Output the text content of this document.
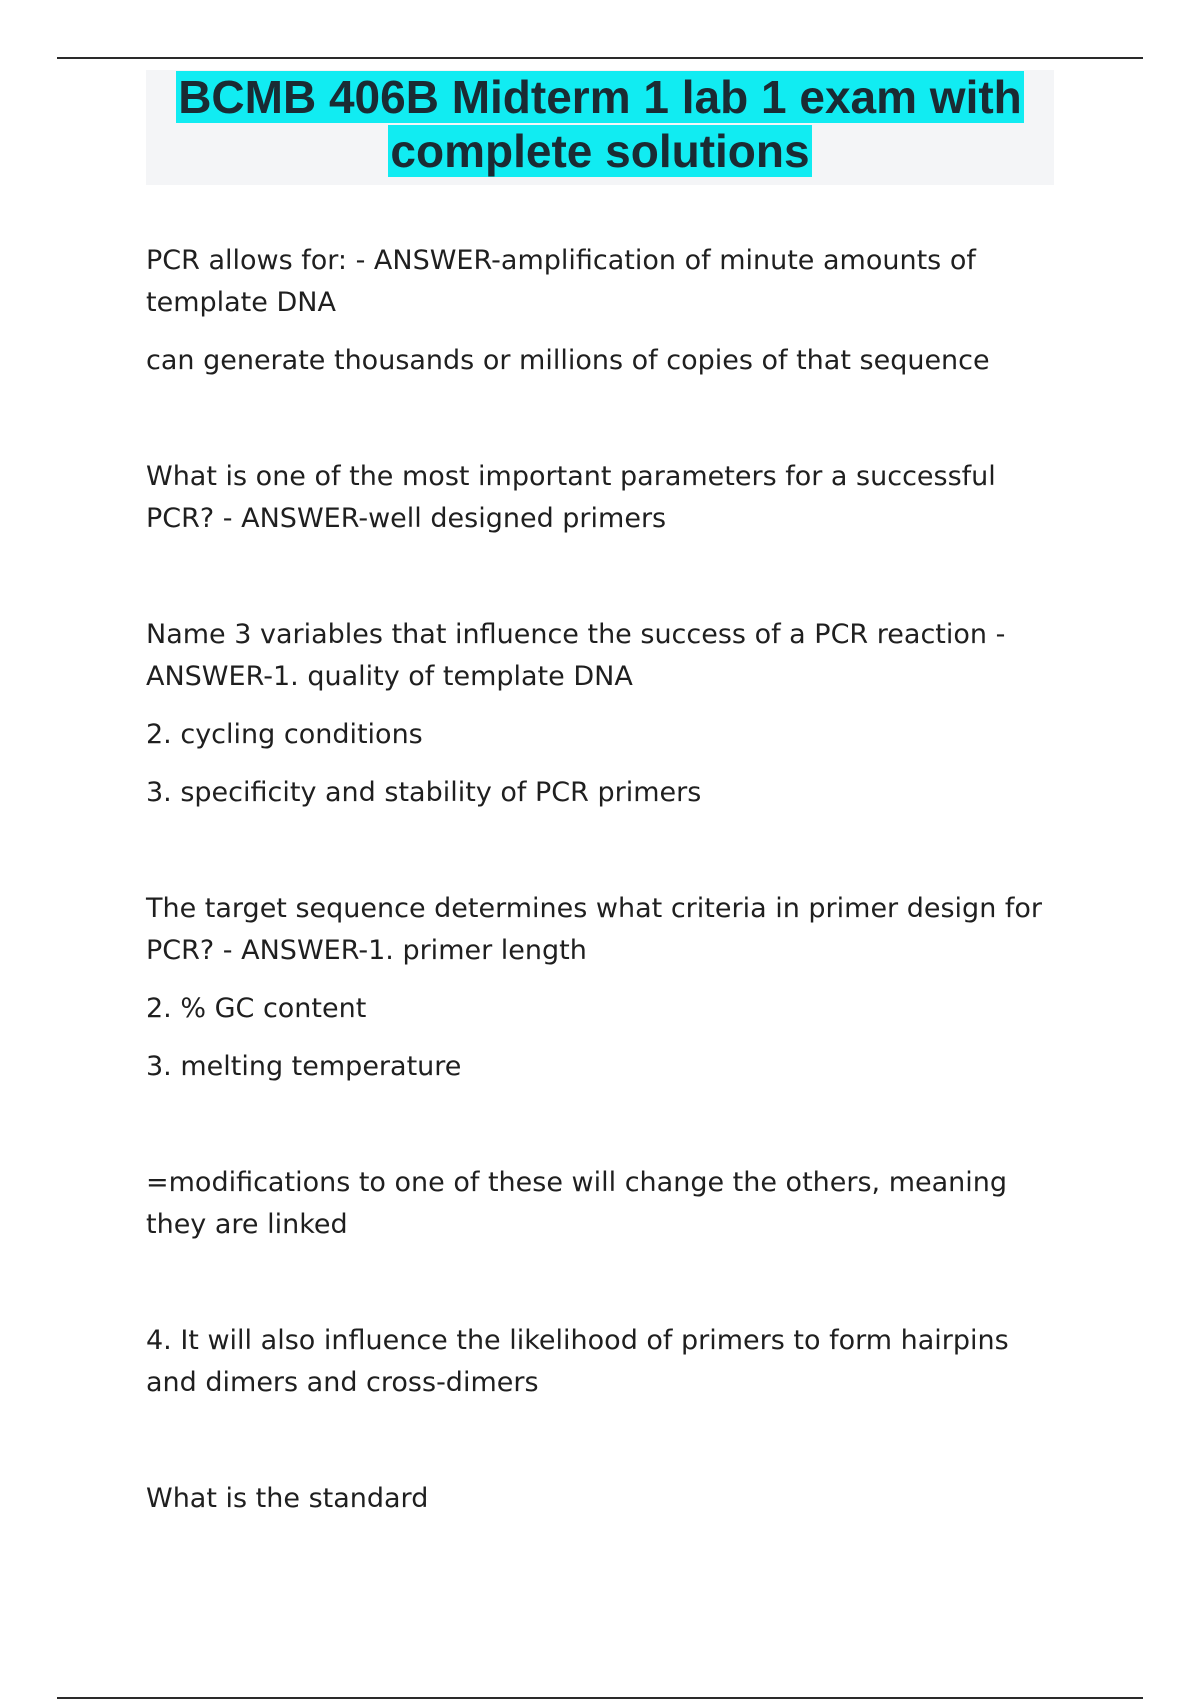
BCMB 406B Midterm 1 lab 1 exam with
complete solutions

PCR allows for: - ANSWER-amplification of minute amounts of template DNA

can generate thousands or millions of copies of that sequence

What is one of the most important parameters for a successful PCR? - ANSWER-well designed primers

Name 3 variables that influence the success of a PCR reaction - ANSWER-1. quality of template DNA

2. cycling conditions

3. specificity and stability of PCR primers

The target sequence determines what criteria in primer design for PCR? - ANSWER-1. primer length

2. % GC content

3. melting temperature

=modifications to one of these will change the others, meaning they are linked

4. It will also influence the likelihood of primers to form hairpins and dimers and cross-dimers

What is the standard
